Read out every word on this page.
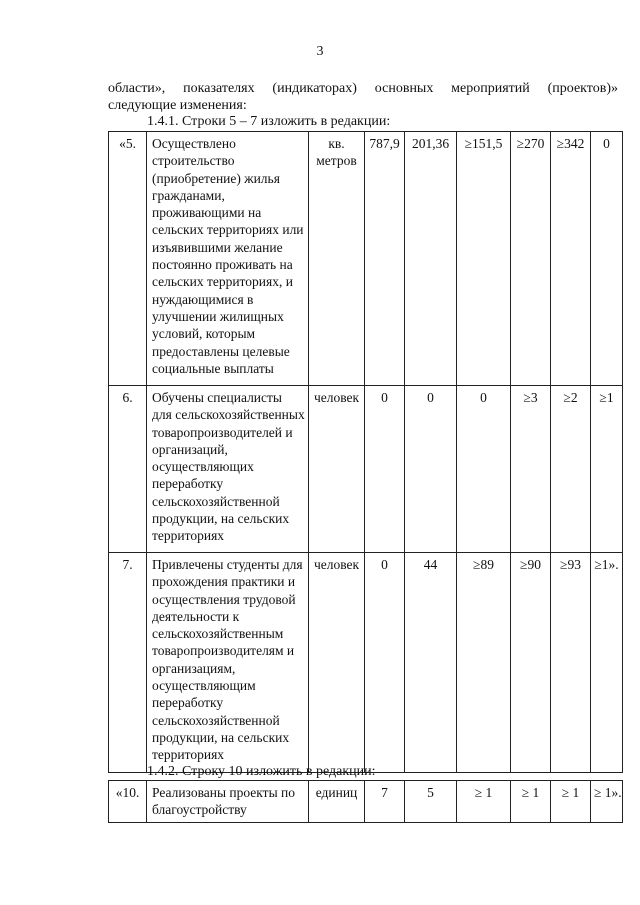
3
области», показателях (индикаторах) основных мероприятий (проектов)»
следующие изменения:
1.4.1. Строки 5 – 7 изложить в редакции:
«5.	Осуществлено строительство (приобретение) жилья гражданами, проживающими на сельских территориях или изъявившими желание постоянно проживать на сельских территориях, и нуждающимися в улучшении жилищных условий, которым предоставлены целевые социальные выплаты	кв. метров	787,9	201,36	≥151,5	≥270	≥342	0
6.	Обучены специалисты для сельскохозяйственных товаропроизводителей и организаций, осуществляющих переработку сельскохозяйственной продукции, на сельских территориях	человек	0	0	0	≥3	≥2	≥1
7.	Привлечены студенты для прохождения практики и осуществления трудовой деятельности к сельскохозяйственным товаропроизводителям и организациям, осуществляющим переработку сельскохозяйственной продукции, на сельских территориях	человек	0	44	≥89	≥90	≥93	≥1».
1.4.2. Строку 10 изложить в редакции:
«10.	Реализованы проекты по благоустройству	единиц	7	5	≥ 1	≥ 1	≥ 1	≥ 1».
